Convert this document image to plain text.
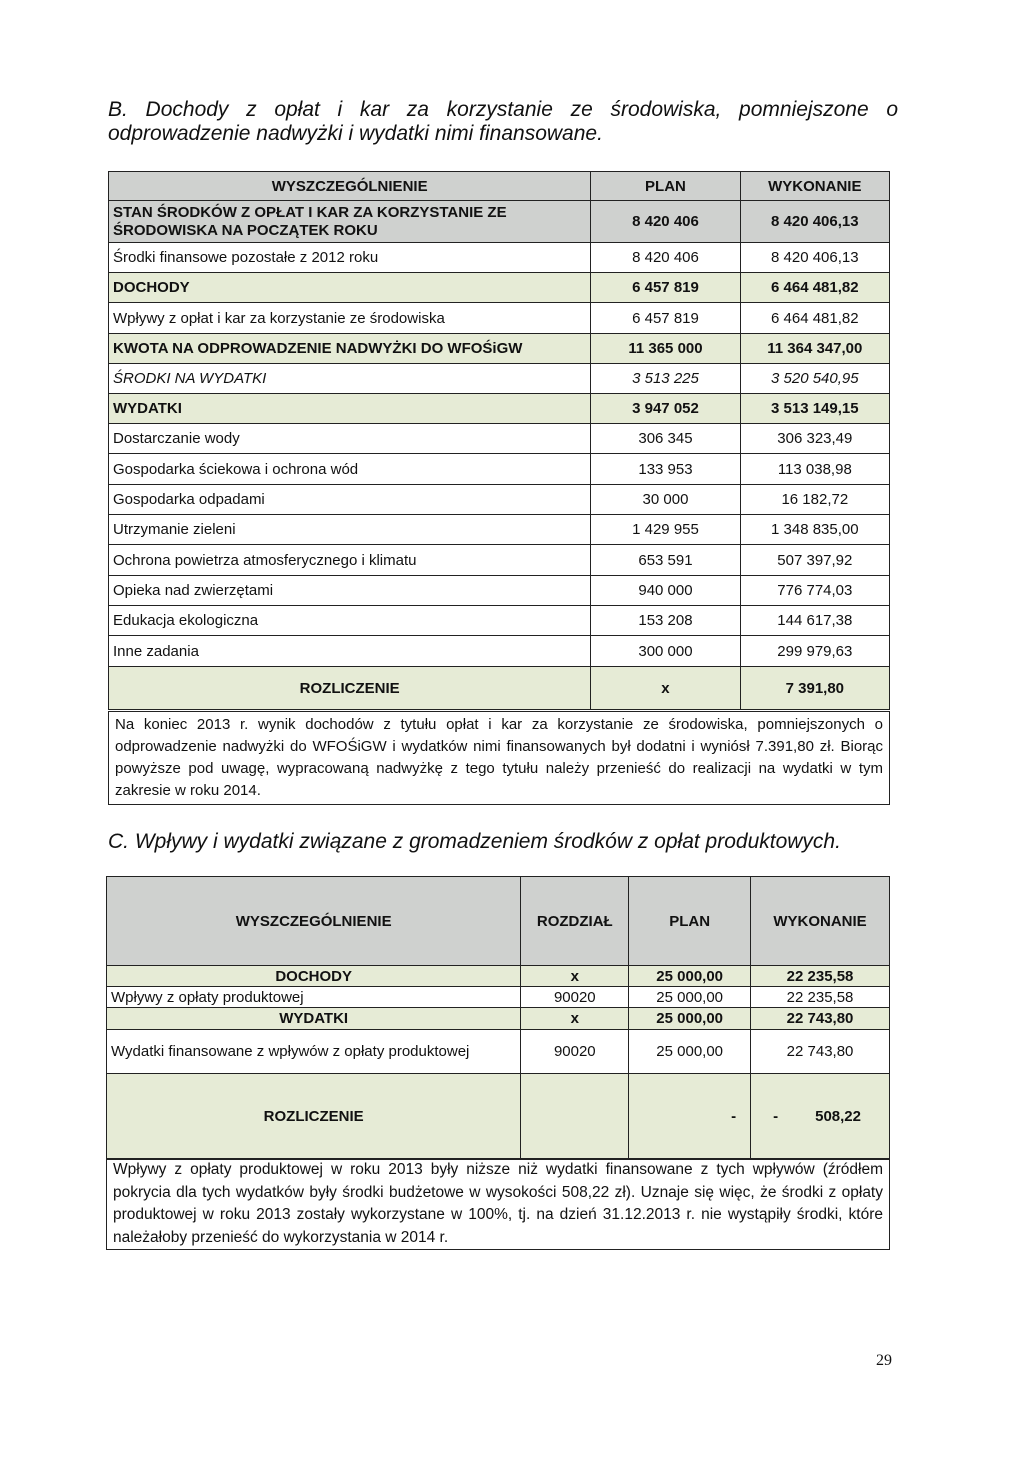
B. Dochody z opłat i kar za korzystanie ze środowiska, pomniejszone o odprowadzenie nadwyżki i wydatki nimi finansowane.
WYSZCZEGÓLNIENIE	PLAN	WYKONANIE
STAN ŚRODKÓW Z OPŁAT I KAR ZA KORZYSTANIE ZE ŚRODOWISKA NA POCZĄTEK ROKU	8 420 406	8 420 406,13
Środki finansowe pozostałe z 2012 roku	8 420 406	8 420 406,13
DOCHODY	6 457 819	6 464 481,82
Wpływy z opłat i kar za korzystanie ze środowiska	6 457 819	6 464 481,82
KWOTA NA ODPROWADZENIE NADWYŻKI DO WFOŚiGW	11 365 000	11 364 347,00
ŚRODKI NA WYDATKI	3 513 225	3 520 540,95
WYDATKI	3 947 052	3 513 149,15
Dostarczanie wody	306 345	306 323,49
Gospodarka ściekowa i ochrona wód	133 953	113 038,98
Gospodarka odpadami	30 000	16 182,72
Utrzymanie zieleni	1 429 955	1 348 835,00
Ochrona powietrza atmosferycznego i klimatu	653 591	507 397,92
Opieka nad zwierzętami	940 000	776 774,03
Edukacja ekologiczna	153 208	144 617,38
Inne zadania	300 000	299 979,63
ROZLICZENIE	x	7 391,80
Na koniec 2013 r. wynik dochodów z tytułu opłat i kar za korzystanie ze środowiska, pomniejszonych o odprowadzenie nadwyżki do WFOŚiGW i wydatków nimi finansowanych był dodatni i wyniósł 7.391,80 zł. Biorąc powyższe pod uwagę, wypracowaną nadwyżkę z tego tytułu należy przenieść do realizacji na wydatki w tym zakresie w roku 2014.
C. Wpływy i wydatki związane z gromadzeniem środków z opłat produktowych.
WYSZCZEGÓLNIENIE	ROZDZIAŁ	PLAN	WYKONANIE
DOCHODY	x	25 000,00	22 235,58
Wpływy z opłaty produktowej	90020	25 000,00	22 235,58
WYDATKI	x	25 000,00	22 743,80
Wydatki finansowane z wpływów z opłaty produktowej	90020	25 000,00	22 743,80
ROZLICZENIE		-	- 508,22
Wpływy z opłaty produktowej w roku 2013 były niższe niż wydatki finansowane z tych wpływów (źródłem pokrycia dla tych wydatków były środki budżetowe w wysokości 508,22 zł). Uznaje się więc, że środki z opłaty produktowej w roku 2013 zostały wykorzystane w 100%, tj. na dzień 31.12.2013 r. nie wystąpiły środki, które należałoby przenieść do wykorzystania w 2014 r.
29
